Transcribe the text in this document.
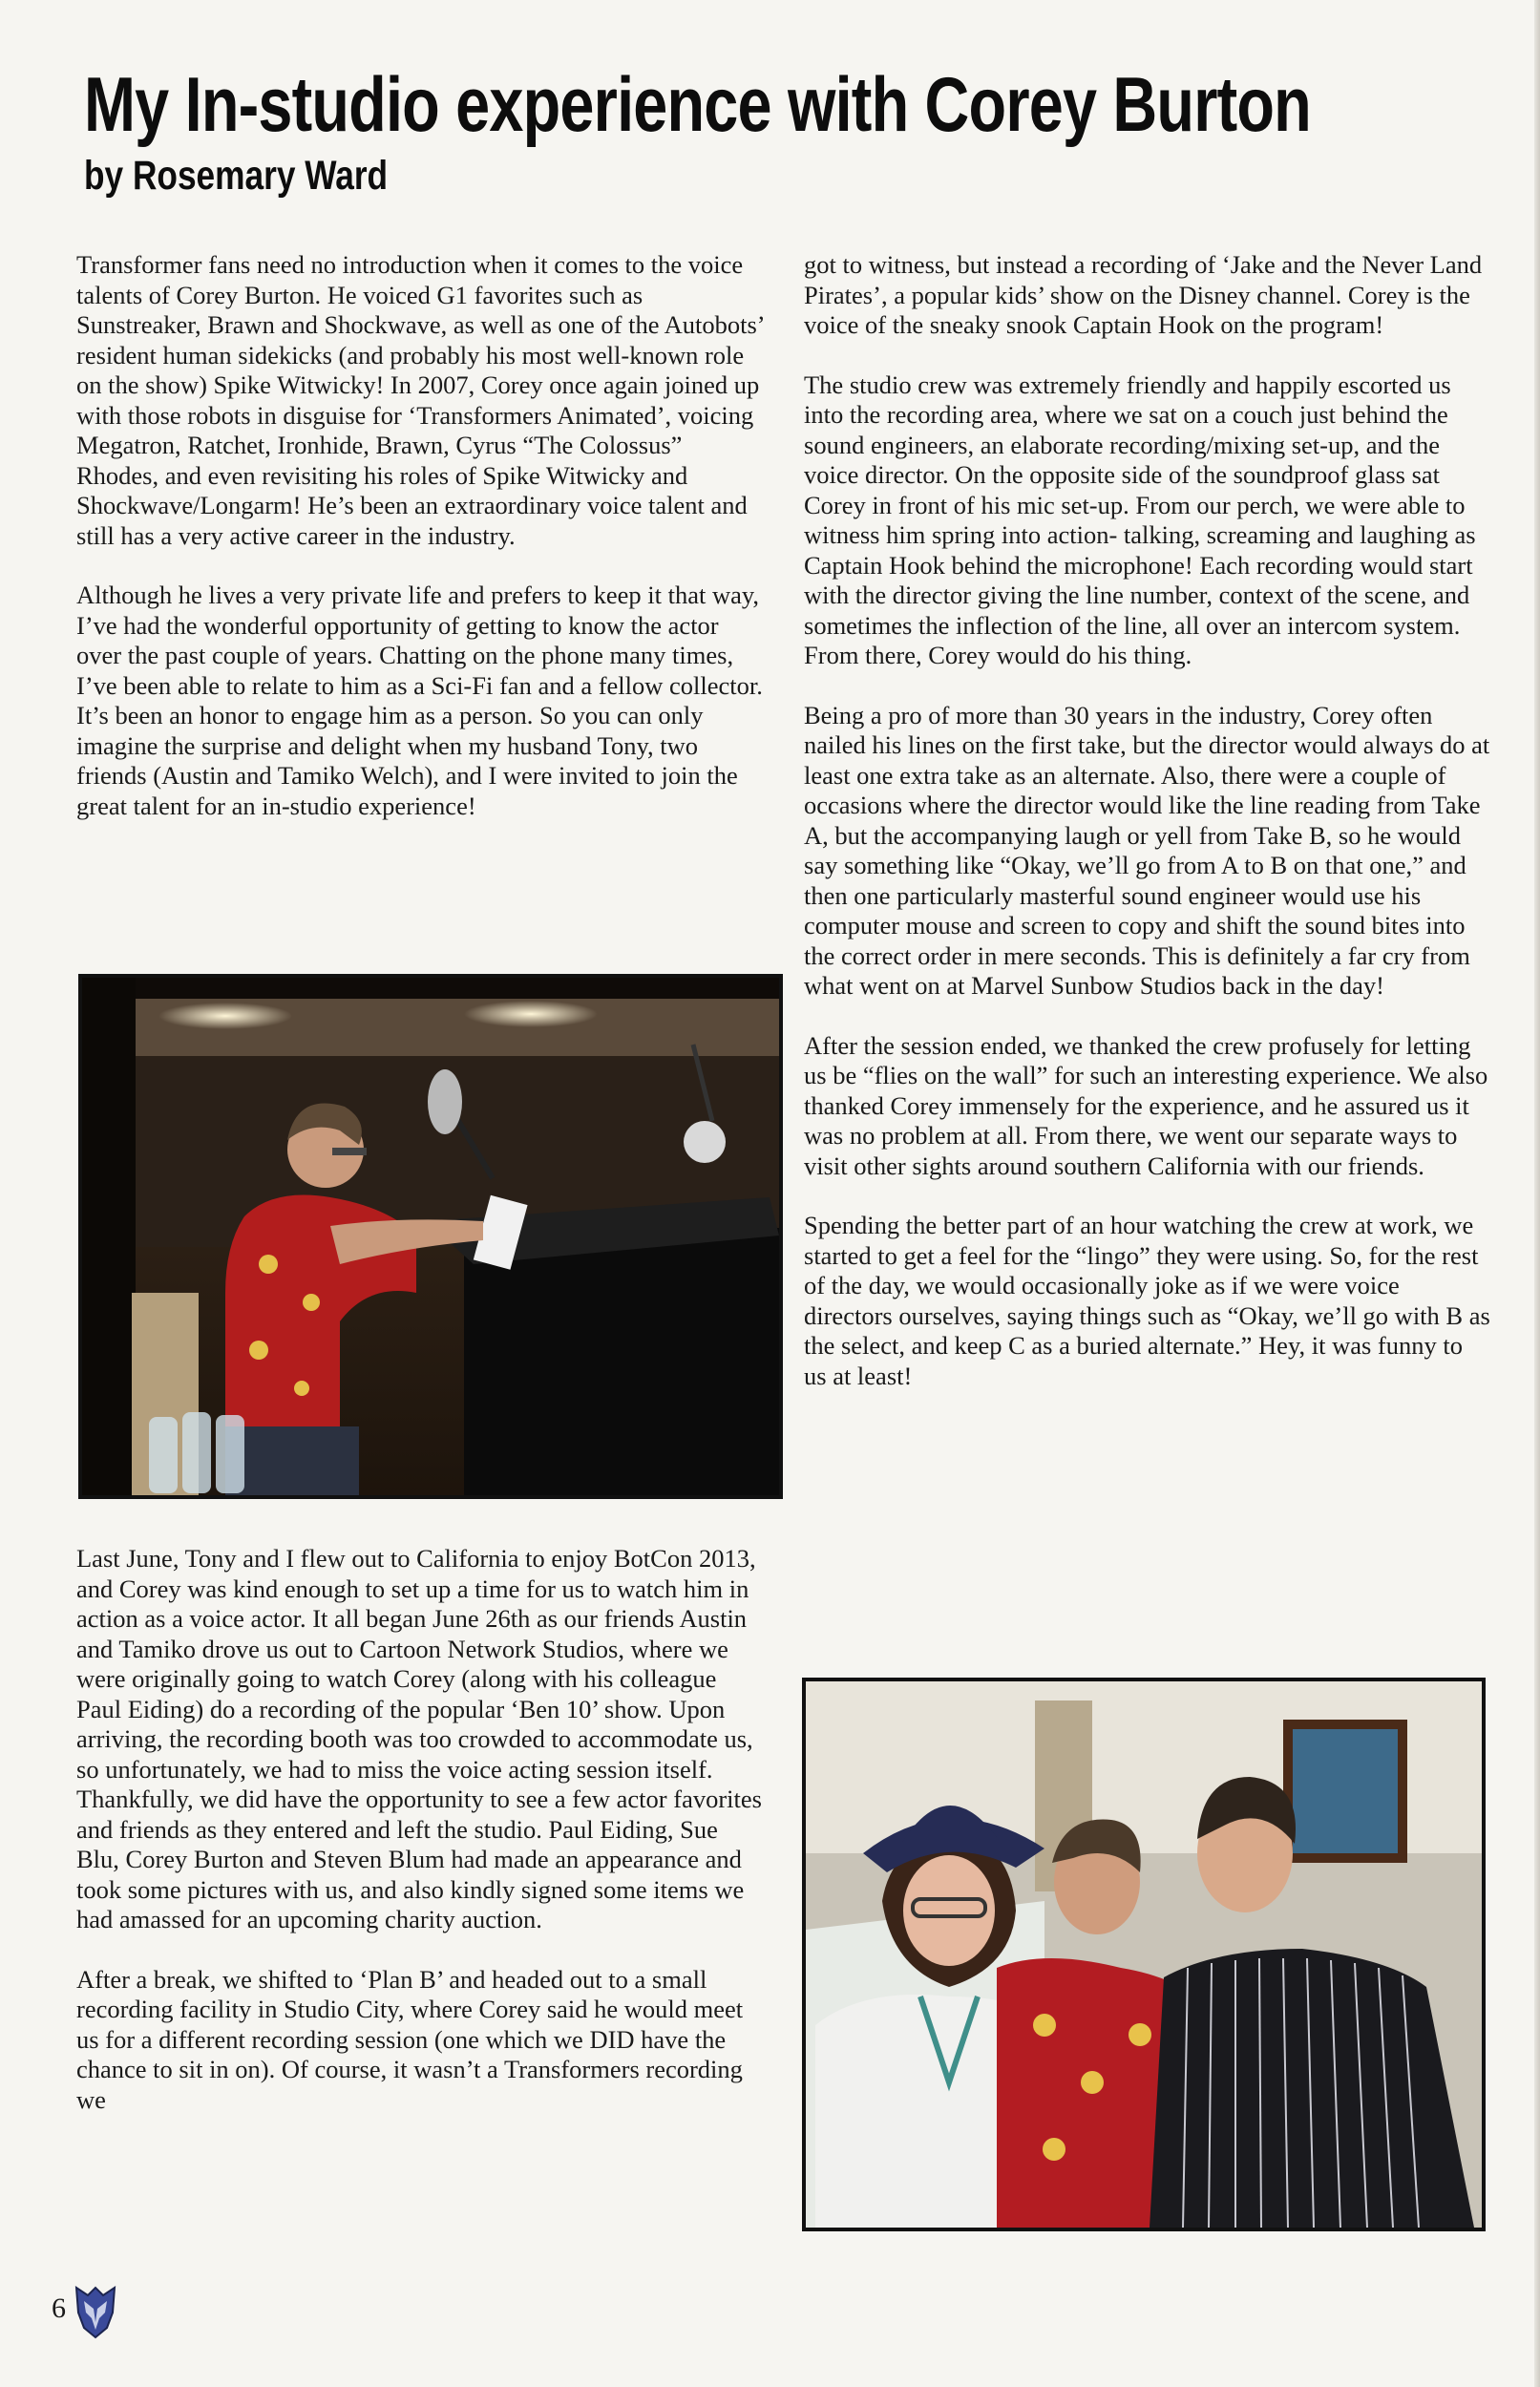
My In-studio experience with Corey Burton
by Rosemary Ward

Transformer fans need no introduction when it comes to the voice talents of Corey Burton. He voiced G1 favorites such as Sunstreaker, Brawn and Shockwave, as well as one of the Autobots’ resident human sidekicks (and probably his most well-known role on the show) Spike Witwicky! In 2007, Corey once again joined up with those robots in disguise for ‘Transformers Animated’, voicing Megatron, Ratchet, Ironhide, Brawn, Cyrus “The Colossus” Rhodes, and even revisiting his roles of Spike Witwicky and Shockwave/Longarm! He’s been an extraordinary voice talent and still has a very active career in the industry.

Although he lives a very private life and prefers to keep it that way, I’ve had the wonderful opportunity of getting to know the actor over the past couple of years. Chatting on the phone many times, I’ve been able to relate to him as a Sci-Fi fan and a fellow collector. It’s been an honor to engage him as a person. So you can only imagine the surprise and delight when my husband Tony, two friends (Austin and Tamiko Welch), and I were invited to join the great talent for an in-studio experience!

Last June, Tony and I flew out to California to enjoy BotCon 2013, and Corey was kind enough to set up a time for us to watch him in action as a voice actor. It all began June 26th as our friends Austin and Tamiko drove us out to Cartoon Network Studios, where we were originally going to watch Corey (along with his colleague Paul Eiding) do a recording of the popular ‘Ben 10’ show. Upon arriving, the recording booth was too crowded to accommodate us, so unfortunately, we had to miss the voice acting session itself. Thankfully, we did have the opportunity to see a few actor favorites and friends as they entered and left the studio. Paul Eiding, Sue Blu, Corey Burton and Steven Blum had made an appearance and took some pictures with us, and also kindly signed some items we had amassed for an upcoming charity auction.

After a break, we shifted to ‘Plan B’ and headed out to a small recording facility in Studio City, where Corey said he would meet us for a different recording session (one which we DID have the chance to sit in on). Of course, it wasn’t a Transformers recording we

got to witness, but instead a recording of ‘Jake and the Never Land Pirates’, a popular kids’ show on the Disney channel. Corey is the voice of the sneaky snook Captain Hook on the program!

The studio crew was extremely friendly and happily escorted us into the recording area, where we sat on a couch just behind the sound engineers, an elaborate recording/mixing set-up, and the voice director. On the opposite side of the soundproof glass sat Corey in front of his mic set-up. From our perch, we were able to witness him spring into action- talking, screaming and laughing as Captain Hook behind the microphone! Each recording would start with the director giving the line number, context of the scene, and sometimes the inflection of the line, all over an intercom system. From there, Corey would do his thing.

Being a pro of more than 30 years in the industry, Corey often nailed his lines on the first take, but the director would always do at least one extra take as an alternate. Also, there were a couple of occasions where the director would like the line reading from Take A, but the accompanying laugh or yell from Take B, so he would say something like “Okay, we’ll go from A to B on that one,” and then one particularly masterful sound engineer would use his computer mouse and screen to copy and shift the sound bites into the correct order in mere seconds. This is definitely a far cry from what went on at Marvel Sunbow Studios back in the day!

After the session ended, we thanked the crew profusely for letting us be “flies on the wall” for such an interesting experience. We also thanked Corey immensely for the experience, and he assured us it was no problem at all. From there, we went our separate ways to visit other sights around southern California with our friends.

Spending the better part of an hour watching the crew at work, we started to get a feel for the “lingo” they were using. So, for the rest of the day, we would occasionally joke as if we were voice directors ourselves, saying things such as “Okay, we’ll go with B as the select, and keep C as a buried alternate.” Hey, it was funny to us at least!

6
